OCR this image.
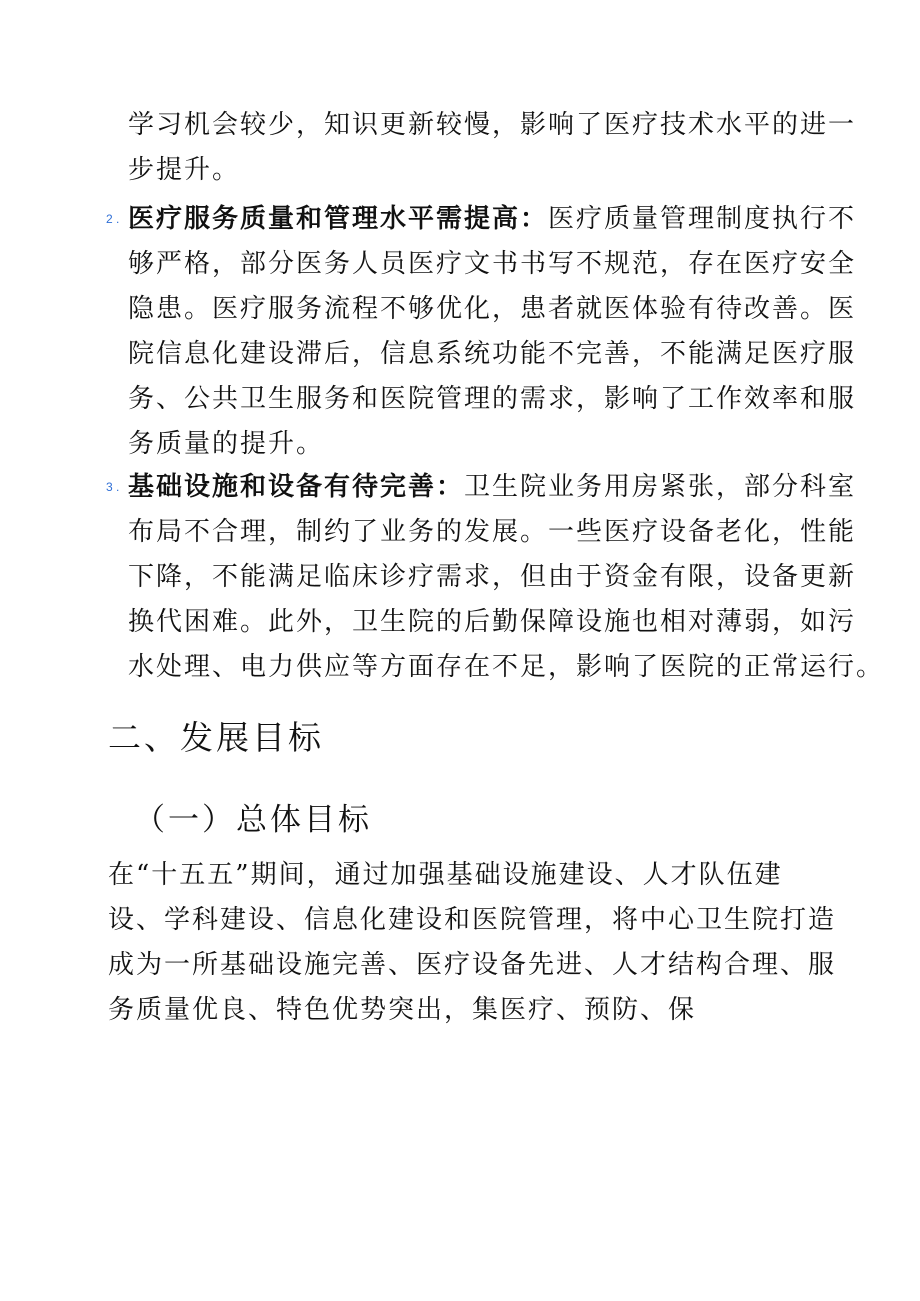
学习机会较少，知识更新较慢，影响了医疗技术水平的进一
步提升。

2 . 医疗服务质量和管理水平需提高：医疗质量管理制度执行不
够严格，部分医务人员医疗文书书写不规范，存在医疗安全
隐患。医疗服务流程不够优化，患者就医体验有待改善。医
院信息化建设滞后，信息系统功能不完善，不能满足医疗服
务、公共卫生服务和医院管理的需求，影响了工作效率和服
务质量的提升。
3 . 基础设施和设备有待完善：卫生院业务用房紧张，部分科室
布局不合理，制约了业务的发展。一些医疗设备老化，性能
下降，不能满足临床诊疗需求，但由于资金有限，设备更新
换代困难。此外，卫生院的后勤保障设施也相对薄弱，如污
水处理、电力供应等方面存在不足，影响了医院的正常运行。
二、发展目标
（一）总体目标

在“十五五”期间，通过加强基础设施建设、人才队伍建
设、学科建设、信息化建设和医院管理，将中心卫生院打造
成为一所基础设施完善、医疗设备先进、人才结构合理、服
务质量优良、特色优势突出，集医疗、预防、保
